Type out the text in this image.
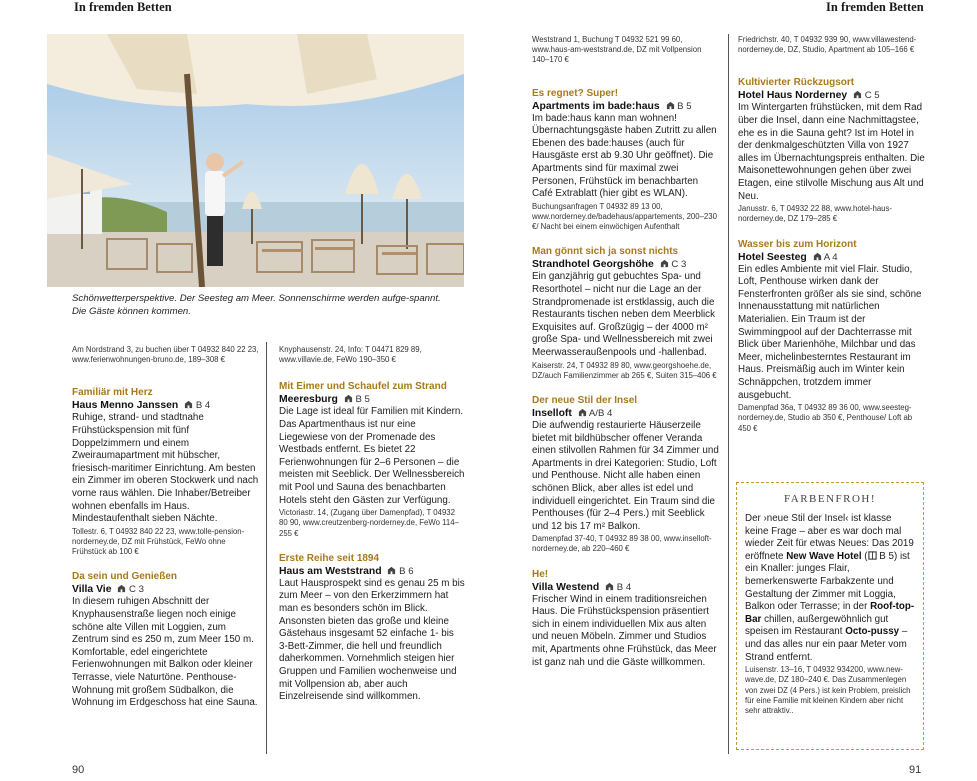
In fremden Betten	In fremden Betten
Schönwetterperspektive. Der Seesteg am Meer. Sonnenschirme werden aufge-spannt. Die Gäste können kommen.

Am Nordstrand 3, zu buchen über T 04932 840 22 23, www.ferienwohnungen-bruno.de, 189–308 €

Familiär mit Herz
Haus Menno Janssen B 4

Ruhige, strand- und stadtnahe Frühstückspension mit fünf Doppelzimmern und einem Zweiraumapartment mit hübscher, friesisch-maritimer Einrichtung. Am besten ein Zimmer im oberen Stockwerk und nach vorne raus wählen. Die Inhaber/Betreiber wohnen ebenfalls im Haus. Mindestaufenthalt sieben Nächte.

Tollestr. 6, T 04932 840 22 23, www.tolle-pension-norderney.de, DZ mit Frühstück, FeWo ohne Frühstück ab 100 €

Da sein und Genießen
Villa Vie C 3

In diesem ruhigen Abschnitt der Knyphausenstraße liegen noch einige schöne alte Villen mit Loggien, zum Zentrum sind es 250 m, zum Meer 150 m. Komfortable, edel eingerichtete Ferienwohnungen mit Balkon oder kleiner Terrasse, viele Naturtöne. Penthouse-Wohnung mit großem Südbalkon, die Wohnung im Erdgeschoss hat eine Sauna.

Knyphausenstr. 24, Info: T 04471 829 89, www.villavie.de, FeWo 190–350 €

Mit Eimer und Schaufel zum Strand
Meeresburg B 5

Die Lage ist ideal für Familien mit Kindern. Das Apartmenthaus ist nur eine Liegewiese von der Promenade des Westbads entfernt. Es bietet 22 Ferienwohnungen für 2–6 Personen – die meisten mit Seeblick. Der Wellnessbereich mit Pool und Sauna des benachbarten Hotels steht den Gästen zur Verfügung.

Victoriastr. 14, (Zugang über Damenpfad), T 04932 80 90, www.creutzenberg-norderney.de, FeWo 114–255 €

Erste Reihe seit 1894
Haus am Weststrand B 6

Laut Hausprospekt sind es genau 25 m bis zum Meer – von den Erkerzimmern hat man es besonders schön im Blick. Ansonsten bieten das große und kleine Gästehaus insgesamt 52 einfache 1- bis 3-Bett-Zimmer, die hell und freundlich daherkommen. Vornehmlich steigen hier Gruppen und Familien wochenweise und mit Vollpension ab, aber auch Einzelreisende sind willkommen.

Weststrand 1, Buchung T 04932 521 99 60, www.haus-am-weststrand.de, DZ mit Vollpension 140–170 €

Es regnet? Super!
Apartments im bade:haus B 5

Im bade:haus kann man wohnen! Übernachtungsgäste haben Zutritt zu allen Ebenen des bade:hauses (auch für Hausgäste erst ab 9.30 Uhr geöffnet). Die Apartments sind für maximal zwei Personen, Frühstück im benachbarten Café Extrablatt (hier gibt es WLAN).

Buchungsanfragen T 04932 89 13 00, www.norderney.de/badehaus/appartements, 200–230 €/ Nacht bei einem einwöchigen Aufenthalt

Man gönnt sich ja sonst nichts
Strandhotel Georgshöhe C 3

Ein ganzjährig gut gebuchtes Spa- und Resorthotel – nicht nur die Lage an der Strandpromenade ist erstklassig, auch die Restaurants tischen neben dem Meerblick Exquisites auf. Großzügig – der 4000 m² große Spa- und Wellnessbereich mit zwei Meerwasseraußenpools und -hallenbad.

Kaiserstr. 24, T 04932 89 80, www.georgshoehe.de, DZ/auch Familienzimmer ab 265 €, Suiten 315–406 €

Der neue Stil der Insel
Inselloft A/B 4

Die aufwendig restaurierte Häuserzeile bietet mit bildhübscher offener Veranda einen stilvollen Rahmen für 34 Zimmer und Apartments in drei Kategorien: Studio, Loft und Penthouse. Nicht alle haben einen schönen Blick, aber alles ist edel und individuell eingerichtet. Ein Traum sind die Penthouses (für 2–4 Pers.) mit Seeblick und 12 bis 17 m² Balkon.

Damenpfad 37-40, T 04932 89 38 00, www.inselloft-norderney.de, ab 220–460 €

He!
Villa Westend B 4

Frischer Wind in einem traditionsreichen Haus. Die Frühstückspension präsentiert sich in einem individuellen Mix aus alten und neuen Möbeln. Zimmer und Studios mit, Apartments ohne Frühstück, das Meer ist ganz nah und die Gäste willkommen.

Friedrichstr. 40, T 04932 939 90, www.villawestend-norderney.de, DZ, Studio, Apartment ab 105–166 €

Kultivierter Rückzugsort
Hotel Haus Norderney C 5

Im Wintergarten frühstücken, mit dem Rad über die Insel, dann eine Nachmittagstee, ehe es in die Sauna geht? Ist im Hotel in der denkmalgeschützten Villa von 1927 alles im Übernachtungspreis enthalten. Die Maisonettewohnungen gehen über zwei Etagen, eine stilvolle Mischung aus Alt und Neu.

Janusstr. 6, T 04932 22 88, www.hotel-haus-norderney.de, DZ 179–285 €

Wasser bis zum Horizont
Hotel Seesteg A 4

Ein edles Ambiente mit viel Flair. Studio, Loft, Penthouse wirken dank der Fensterfronten größer als sie sind, schöne Innenausstattung mit natürlichen Materialien. Ein Traum ist der Swimmingpool auf der Dachterrasse mit Blick über Marienhöhe, Milchbar und das Meer, michelinbesterntes Restaurant im Haus. Preismäßig auch im Winter kein Schnäppchen, trotzdem immer ausgebucht.

Damenpfad 36a, T 04932 89 36 00, www.seesteg-norderney.de, Studio ab 350 €, Penthouse/ Loft ab 450 €

FARBENFROH!

Der ›neue Stil der Insel‹ ist klasse keine Frage – aber es war doch mal wieder Zeit für etwas Neues: Das 2019 eröffnete New Wave Hotel ( B 5) ist ein Knaller: junges Flair, bemerkenswerte Farbakzente und Gestaltung der Zimmer mit Loggia, Balkon oder Terrasse; in der Roof-top-Bar chillen, außergewöhnlich gut speisen im Restaurant Octo-pussy – und das alles nur ein paar Meter vom Strand entfernt.

Luisenstr. 13–16, T 04932 934200, www.new-wave.de, DZ 180–240 €. Das Zusammenlegen von zwei DZ (4 Pers.) ist kein Problem, preislich für eine Familie mit kleinen Kindern aber nicht sehr attraktiv..

90	91
